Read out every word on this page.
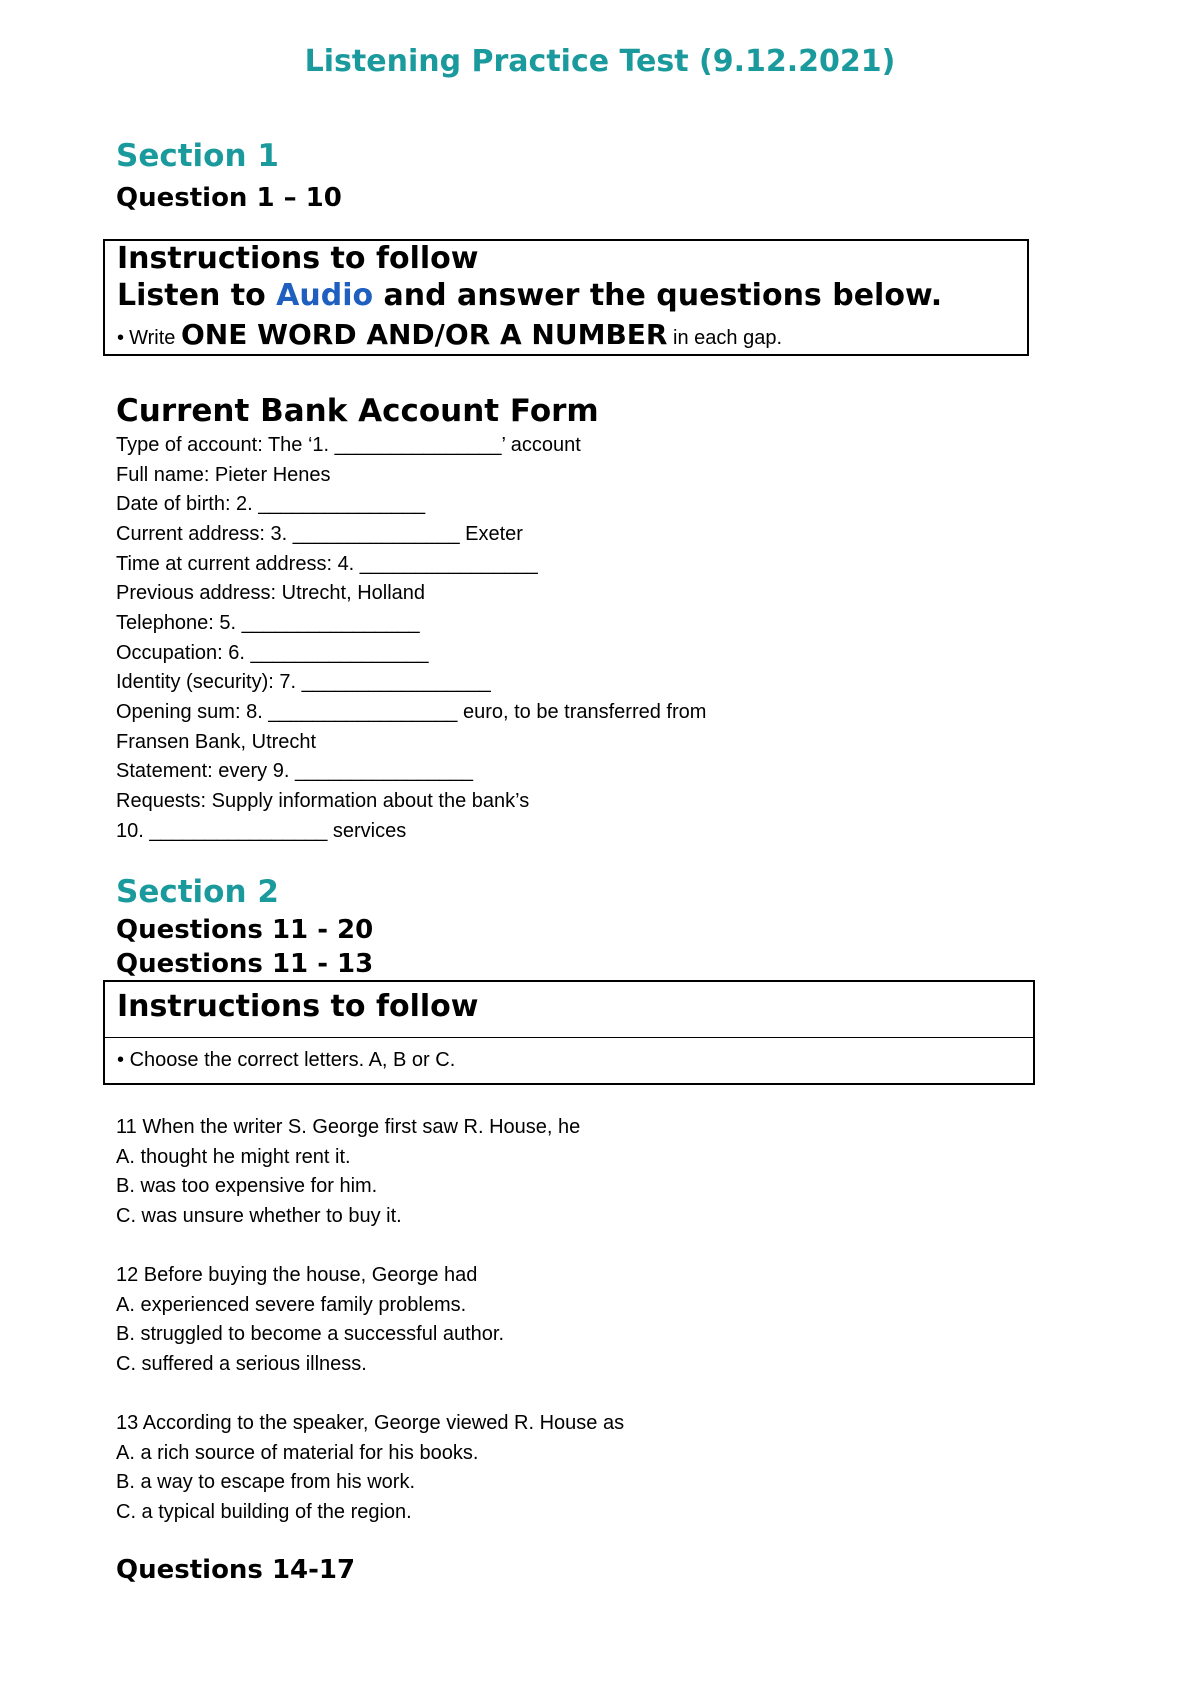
Listening Practice Test (9.12.2021)
Section 1
Question 1 – 10
Instructions to follow
Listen to Audio and answer the questions below.
• Write ONE WORD AND/OR A NUMBER in each gap.
Current Bank Account Form
Type of account: The ‘1. _______________’ account
Full name: Pieter Henes
Date of birth: 2. _______________
Current address: 3. _______________ Exeter
Time at current address: 4. ________________
Previous address: Utrecht, Holland
Telephone: 5. ________________
Occupation: 6. ________________
Identity (security): 7. _________________
Opening sum: 8. _________________ euro, to be transferred from
Fransen Bank, Utrecht
Statement: every 9. ________________
Requests: Supply information about the bank’s
10. ________________ services
Section 2
Questions 11 - 20
Questions 11 - 13
Instructions to follow
• Choose the correct letters. A, B or C.
11 When the writer S. George first saw R. House, he
A. thought he might rent it.
B. was too expensive for him.
C. was unsure whether to buy it.
12 Before buying the house, George had
A. experienced severe family problems.
B. struggled to become a successful author.
C. suffered a serious illness.
13 According to the speaker, George viewed R. House as
A. a rich source of material for his books.
B. a way to escape from his work.
C. a typical building of the region.
Questions 14-17
